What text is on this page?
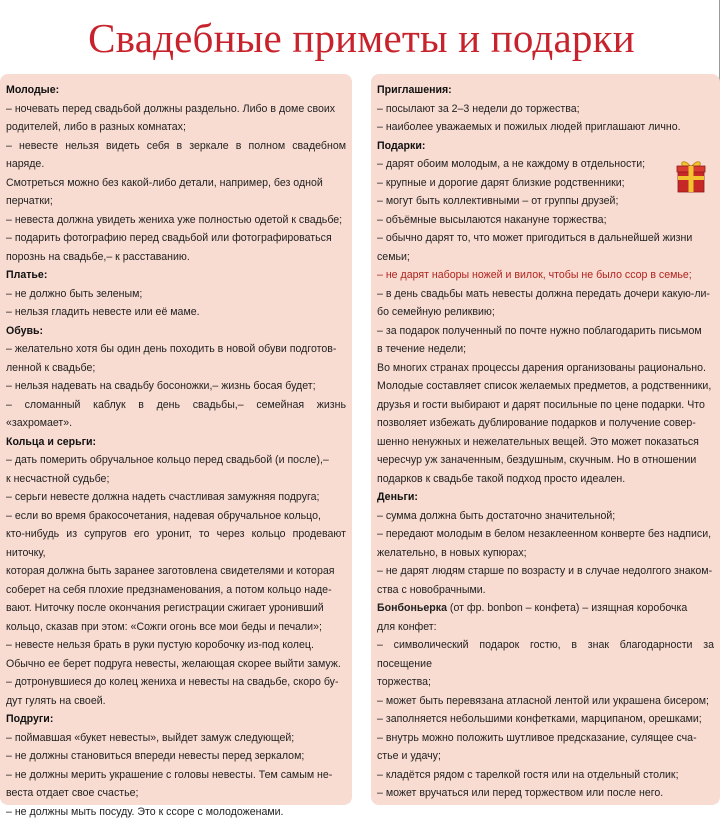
Свадебные приметы и подарки
Молодые:
– ночевать перед свадьбой должны раздельно. Либо в доме своих
родителей, либо в разных комнатах;
– невесте нельзя видеть себя в зеркале в полном свадебном наряде.
Смотреться можно без какой-либо детали, например, без одной
перчатки;
– невеста должна увидеть жениха уже полностью одетой к свадьбе;
– подарить фотографию перед свадьбой или фотографироваться
порознь на свадьбе,– к расставанию.
Платье:
– не должно быть зеленым;
– нельзя гладить невесте или её маме.
Обувь:
– желательно хотя бы один день походить в новой обуви подготов-
ленной к свадьбе;
– нельзя надевать на свадьбу босоножки,– жизнь босая будет;
– сломанный каблук в день свадьбы,– семейная жизнь «захромает».
Кольца и серьги:
– дать померить обручальное кольцо перед свадьбой (и после),–
к несчастной судьбе;
– серьги невесте должна надеть счастливая замужняя подруга;
– если во время бракосочетания, надевая обручальное кольцо,
кто-нибудь из супругов его уронит, то через кольцо продевают ниточку,
которая должна быть заранее заготовлена свидетелями и которая
соберет на себя плохие предзнаменования, а потом кольцо наде-
вают. Ниточку после окончания регистрации сжигает уронивший
кольцо, сказав при этом: «Сожги огонь все мои беды и печали»;
– невесте нельзя брать в руки пустую коробочку из-под колец.
Обычно ее берет подруга невесты, желающая скорее выйти замуж.
– дотронувшиеся до колец жениха и невесты на свадьбе, скоро бу-
дут гулять на своей.
Подруги:
– поймавшая «букет невесты», выйдет замуж следующей;
– не должны становиться впереди невесты перед зеркалом;
– не должны мерить украшение с головы невесты. Тем самым не-
веста отдает свое счастье;
– не должны мыть посуду. Это к ссоре с молодоженами.
Приглашения:
– посылают за 2–3 недели до торжества;
– наиболее уважаемых и пожилых людей приглашают лично.
Подарки:
– дарят обоим молодым, а не каждому в отдельности;
– крупные и дорогие дарят близкие родственники;
– могут быть коллективными – от группы друзей;
– объёмные высылаются накануне торжества;
– обычно дарят то, что может пригодиться в дальнейшей жизни
семьи;
– не дарят наборы ножей и вилок, чтобы не было ссор в семье;
– в день свадьбы мать невесты должна передать дочери какую-ли-
бо семейную реликвию;
– за подарок полученный по почте нужно поблагодарить письмом
в течение недели;
Во многих странах процессы дарения организованы рационально.
Молодые составляет список желаемых предметов, а родственники,
друзья и гости выбирают и дарят посильные по цене подарки. Что
позволяет избежать дублирование подарков и получение совер-
шенно ненужных и нежелательных вещей. Это может показаться
чересчур уж заначенным, бездушным, скучным. Но в отношении
подарков к свадьбе такой подход просто идеален.
Деньги:
– сумма должна быть достаточно значительной;
– передают молодым в белом незаклеенном конверте без надписи,
желательно, в новых купюрах;
– не дарят людям старше по возрасту и в случае недолгого знаком-
ства с новобрачными.
Бонбоньерка (от фр. bonbon – конфета) – изящная коробочка
для конфет:
– символический подарок гостю, в знак благодарности за посещение
торжества;
– может быть перевязана атласной лентой или украшена бисером;
– заполняется небольшими конфетками, марципаном, орешками;
– внутрь можно положить шутливое предсказание, сулящее сча-
стье и удачу;
– кладётся рядом с тарелкой гостя или на отдельный столик;
– может вручаться или перед торжеством или после него.
